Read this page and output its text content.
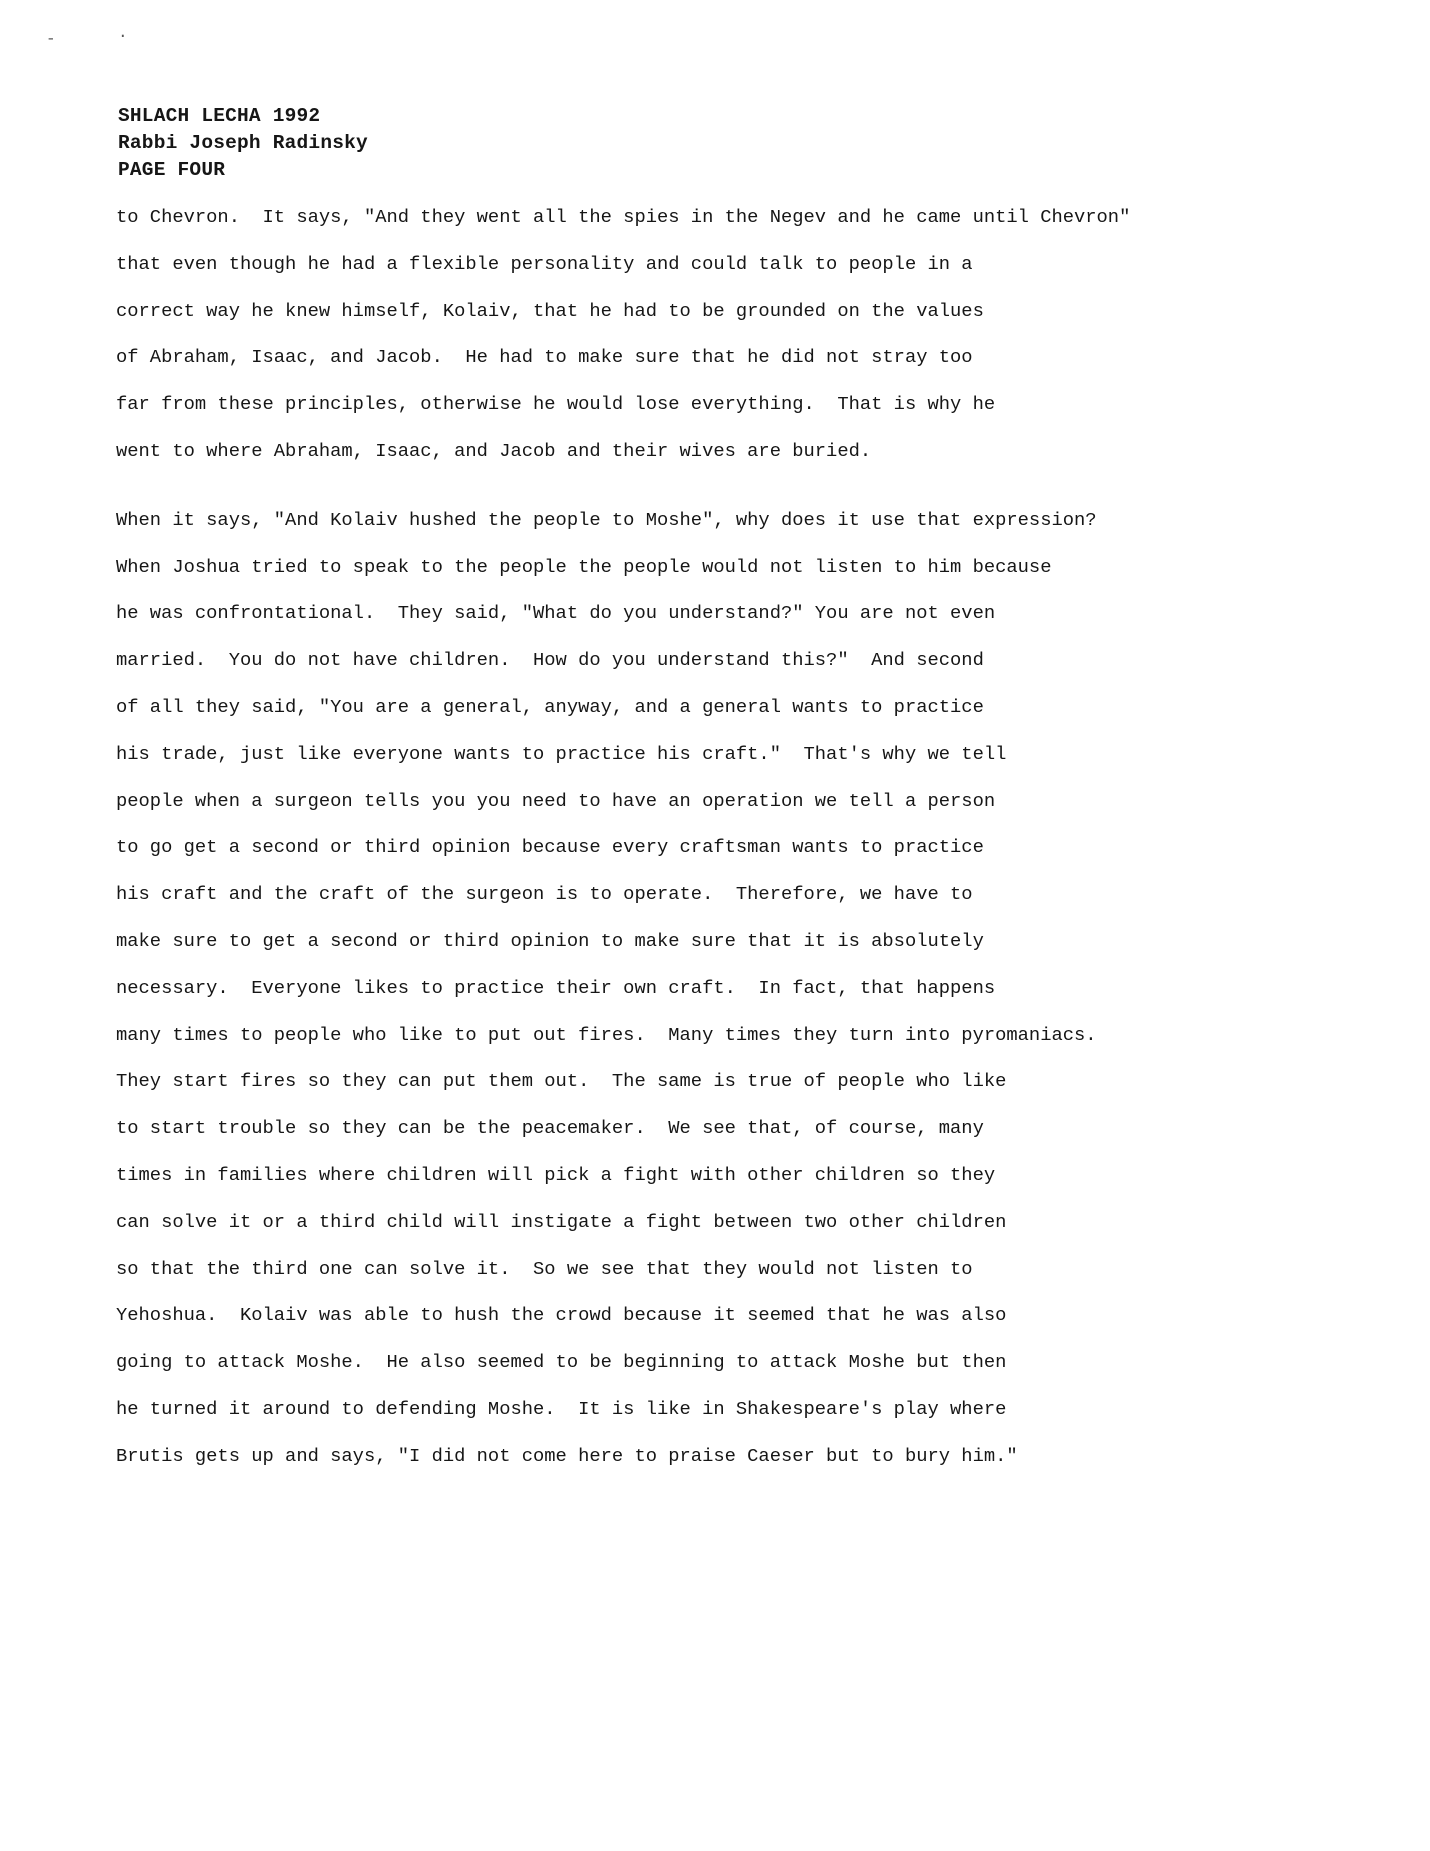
-	.
SHLACH LECHA 1992
Rabbi Joseph Radinsky
PAGE FOUR
to Chevron.  It says, "And they went all the spies in the Negev and he came until Chevron"
that even though he had a flexible personality and could talk to people in a
correct way he knew himself, Kolaiv, that he had to be grounded on the values
of Abraham, Isaac, and Jacob.  He had to make sure that he did not stray too
far from these principles, otherwise he would lose everything.  That is why he
went to where Abraham, Isaac, and Jacob and their wives are buried.
When it says, "And Kolaiv hushed the people to Moshe", why does it use that expression?
When Joshua tried to speak to the people the people would not listen to him because
he was confrontational.  They said, "What do you understand?" You are not even
married.  You do not have children.  How do you understand this?"  And second
of all they said, "You are a general, anyway, and a general wants to practice
his trade, just like everyone wants to practice his craft."  That's why we tell
people when a surgeon tells you you need to have an operation we tell a person
to go get a second or third opinion because every craftsman wants to practice
his craft and the craft of the surgeon is to operate.  Therefore, we have to
make sure to get a second or third opinion to make sure that it is absolutely
necessary.  Everyone likes to practice their own craft.  In fact, that happens
many times to people who like to put out fires.  Many times they turn into pyromaniacs.
They start fires so they can put them out.  The same is true of people who like
to start trouble so they can be the peacemaker.  We see that, of course, many
times in families where children will pick a fight with other children so they
can solve it or a third child will instigate a fight between two other children
so that the third one can solve it.  So we see that they would not listen to
Yehoshua.  Kolaiv was able to hush the crowd because it seemed that he was also
going to attack Moshe.  He also seemed to be beginning to attack Moshe but then
he turned it around to defending Moshe.  It is like in Shakespeare's play where
Brutis gets up and says, "I did not come here to praise Caeser but to bury him."
